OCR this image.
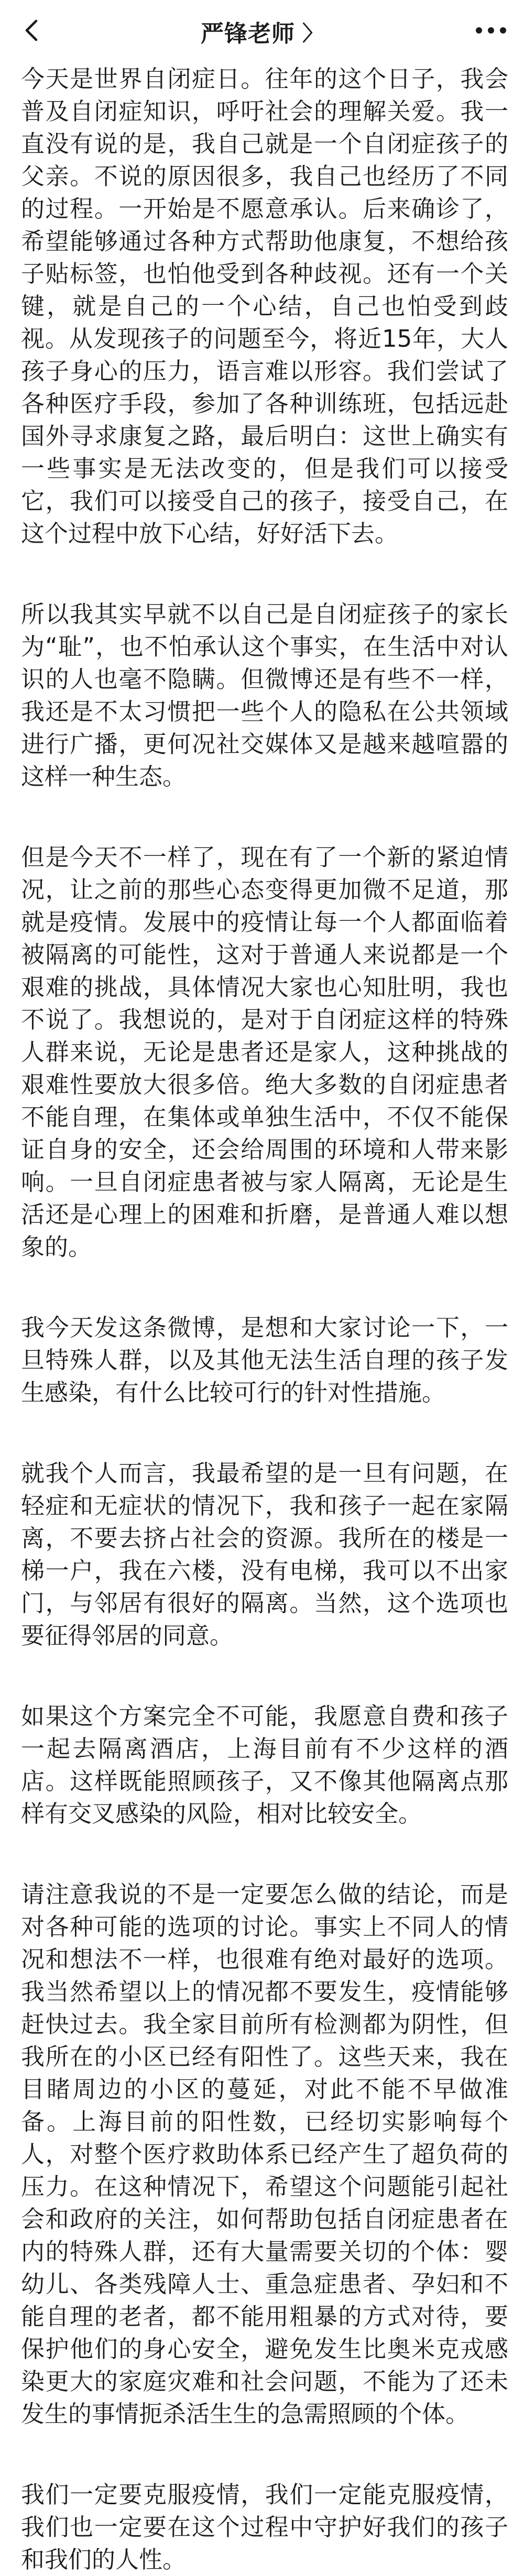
严锋老师 〉

今天是世界自闭症日。往年的这个日子，我会普及自闭症知识，呼吁社会的理解关爱。我一直没有说的是，我自己就是一个自闭症孩子的父亲。不说的原因很多，我自己也经历了不同的过程。一开始是不愿意承认。后来确诊了，希望能够通过各种方式帮助他康复，不想给孩子贴标签，也怕他受到各种歧视。还有一个关键，就是自己的一个心结，自己也怕受到歧视。从发现孩子的问题至今，将近15年，大人孩子身心的压力，语言难以形容。我们尝试了各种医疗手段，参加了各种训练班，包括远赴国外寻求康复之路，最后明白：这世上确实有一些事实是无法改变的，但是我们可以接受它，我们可以接受自己的孩子，接受自己，在这个过程中放下心结，好好活下去。

所以我其实早就不以自己是自闭症孩子的家长为“耻”，也不怕承认这个事实，在生活中对认识的人也毫不隐瞒。但微博还是有些不一样，我还是不太习惯把一些个人的隐私在公共领域进行广播，更何况社交媒体又是越来越喧嚣的这样一种生态。

但是今天不一样了，现在有了一个新的紧迫情况，让之前的那些心态变得更加微不足道，那就是疫情。发展中的疫情让每一个人都面临着被隔离的可能性，这对于普通人来说都是一个艰难的挑战，具体情况大家也心知肚明，我也不说了。我想说的，是对于自闭症这样的特殊人群来说，无论是患者还是家人，这种挑战的艰难性要放大很多倍。绝大多数的自闭症患者不能自理，在集体或单独生活中，不仅不能保证自身的安全，还会给周围的环境和人带来影响。一旦自闭症患者被与家人隔离，无论是生活还是心理上的困难和折磨，是普通人难以想象的。

我今天发这条微博，是想和大家讨论一下，一旦特殊人群，以及其他无法生活自理的孩子发生感染，有什么比较可行的针对性措施。

就我个人而言，我最希望的是一旦有问题，在轻症和无症状的情况下，我和孩子一起在家隔离，不要去挤占社会的资源。我所在的楼是一梯一户，我在六楼，没有电梯，我可以不出家门，与邻居有很好的隔离。当然，这个选项也要征得邻居的同意。

如果这个方案完全不可能，我愿意自费和孩子一起去隔离酒店，上海目前有不少这样的酒店。这样既能照顾孩子，又不像其他隔离点那样有交叉感染的风险，相对比较安全。

请注意我说的不是一定要怎么做的结论，而是对各种可能的选项的讨论。事实上不同人的情况和想法不一样，也很难有绝对最好的选项。我当然希望以上的情况都不要发生，疫情能够赶快过去。我全家目前所有检测都为阴性，但我所在的小区已经有阳性了。这些天来，我在目睹周边的小区的蔓延，对此不能不早做准备。上海目前的阳性数，已经切实影响每个人，对整个医疗救助体系已经产生了超负荷的压力。在这种情况下，希望这个问题能引起社会和政府的关注，如何帮助包括自闭症患者在内的特殊人群，还有大量需要关切的个体：婴幼儿、各类残障人士、重急症患者、孕妇和不能自理的老者，都不能用粗暴的方式对待，要保护他们的身心安全，避免发生比奥米克戎感染更大的家庭灾难和社会问题，不能为了还未发生的事情扼杀活生生的急需照顾的个体。

我们一定要克服疫情，我们一定能克服疫情，我们也一定要在这个过程中守护好我们的孩子和我们的人性。
